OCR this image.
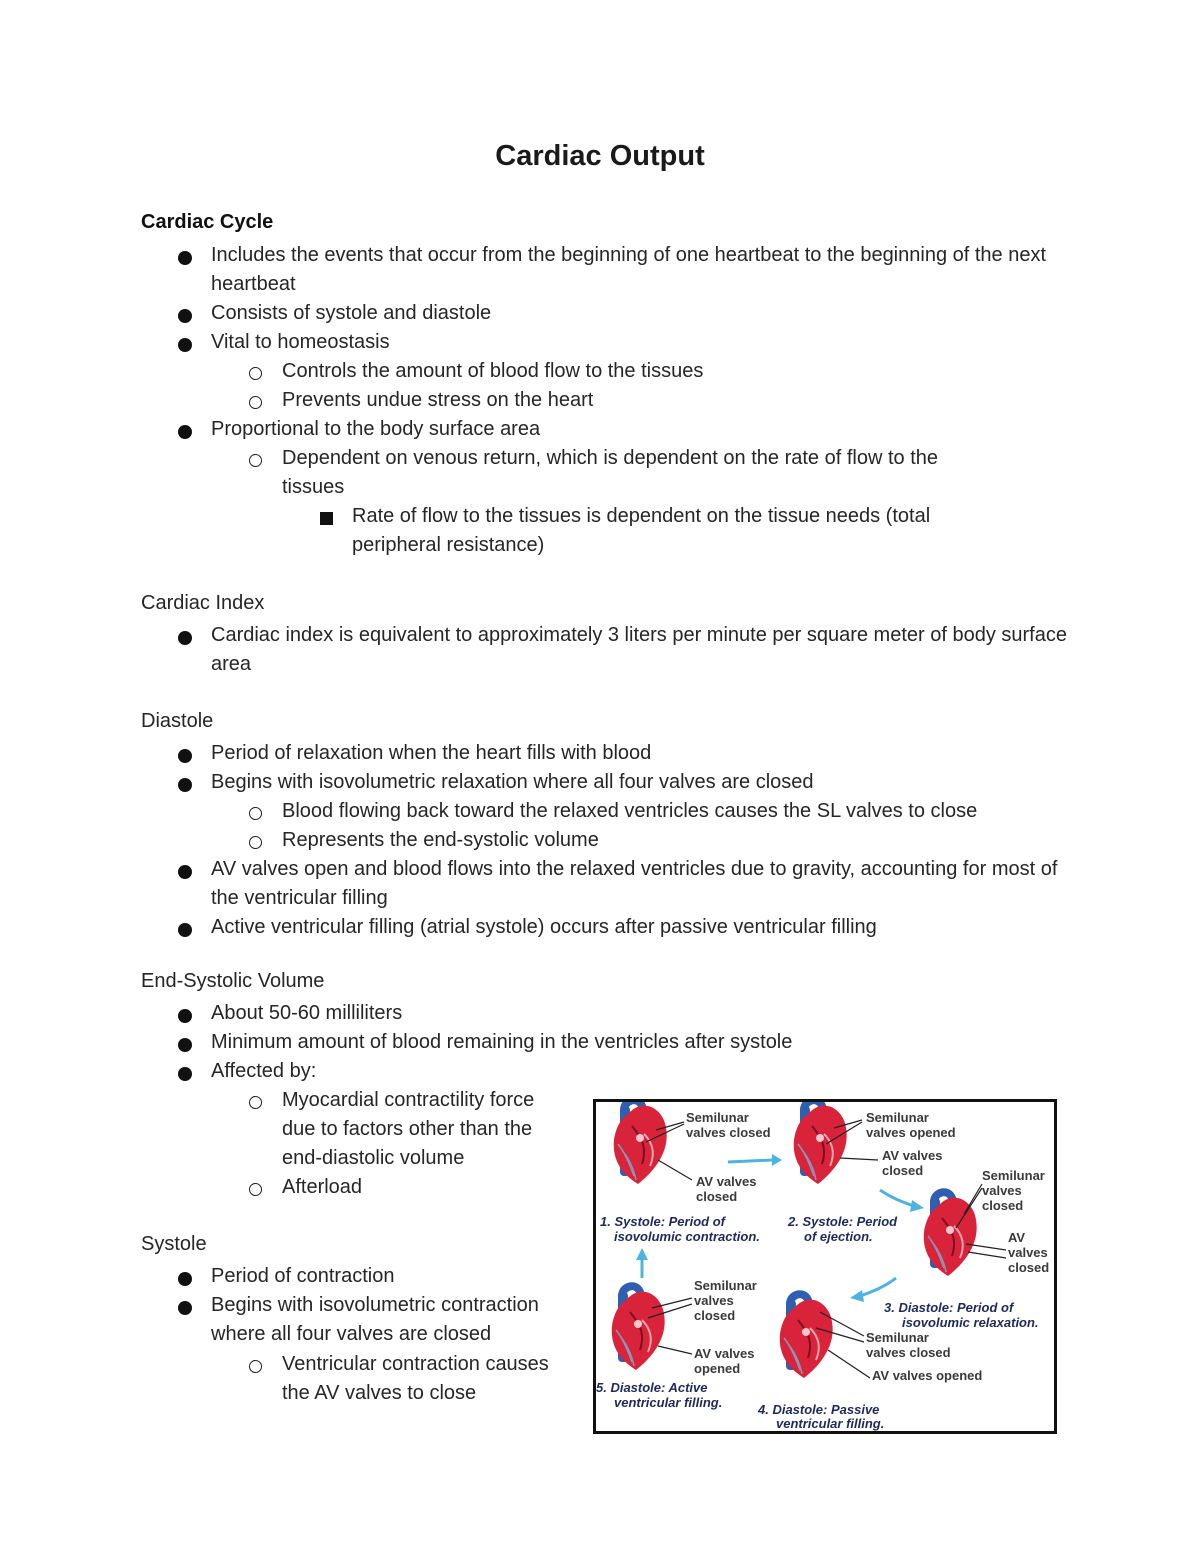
Cardiac Output
Cardiac Cycle
Includes the events that occur from the beginning of one heartbeat to the beginning of the next heartbeat
Consists of systole and diastole
Vital to homeostasis
Controls the amount of blood flow to the tissues
Prevents undue stress on the heart
Proportional to the body surface area
Dependent on venous return, which is dependent on the rate of flow to the tissues
Rate of flow to the tissues is dependent on the tissue needs (total peripheral resistance)
Cardiac Index
Cardiac index is equivalent to approximately 3 liters per minute per square meter of body surface area
Diastole
Period of relaxation when the heart fills with blood
Begins with isovolumetric relaxation where all four valves are closed
Blood flowing back toward the relaxed ventricles causes the SL valves to close
Represents the end-systolic volume
AV valves open and blood flows into the relaxed ventricles due to gravity, accounting for most of the ventricular filling
Active ventricular filling (atrial systole) occurs after passive ventricular filling
End-Systolic Volume
About 50-60 milliliters
Minimum amount of blood remaining in the ventricles after systole
Affected by:
Myocardial contractility force due to factors other than the end-diastolic volume
Afterload
Systole
Period of contraction
Begins with isovolumetric contraction where all four valves are closed
Ventricular contraction causes the AV valves to close
Semilunar valves closed
AV valves closed
1. Systole: Period of isovolumic contraction.
Semilunar valves opened
AV valves closed
2. Systole: Period of ejection.
Semilunar valves closed
AV valves closed
3. Diastole: Period of isovolumic relaxation.
Semilunar valves closed
AV valves opened
4. Diastole: Passive ventricular filling.
Semilunar valves closed
AV valves opened
5. Diastole: Active ventricular filling.
